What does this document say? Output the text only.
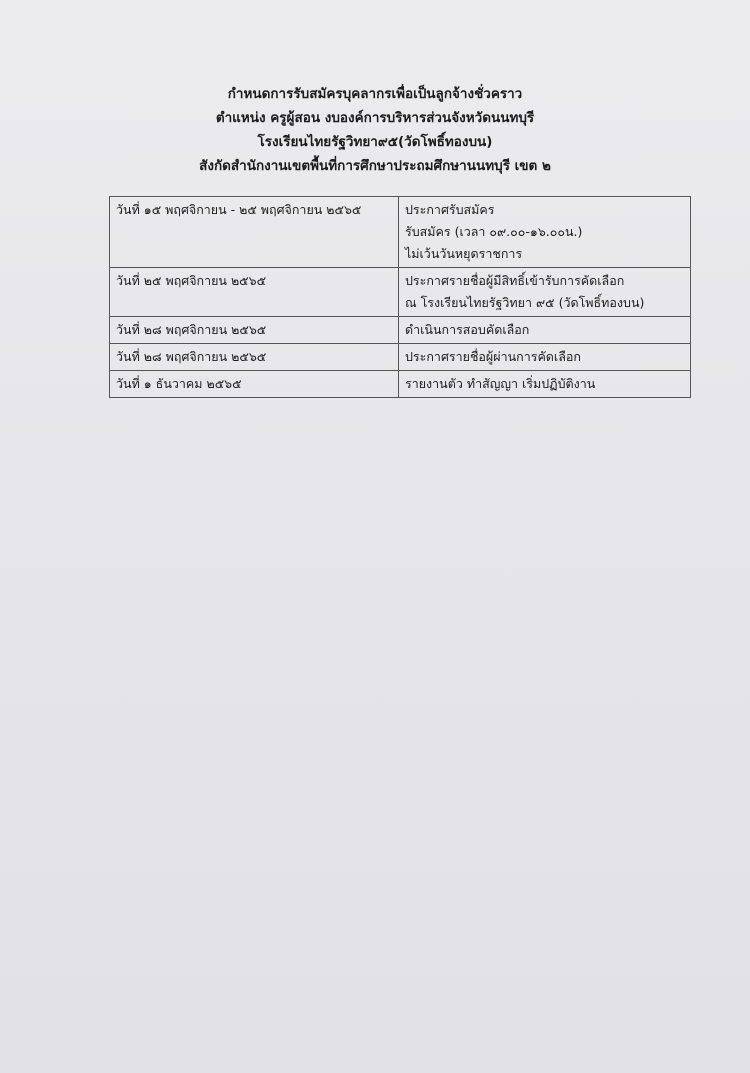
กำหนดการรับสมัครบุคลากรเพื่อเป็นลูกจ้างชั่วคราว
ตำแหน่ง ครูผู้สอน งบองค์การบริหารส่วนจังหวัดนนทบุรี
โรงเรียนไทยรัฐวิทยา๙๕(วัดโพธิ์ทองบน)
สังกัดสำนักงานเขตพื้นที่การศึกษาประถมศึกษานนทบุรี เขต ๒
วันที่ ๑๕ พฤศจิกายน - ๒๕ พฤศจิกายน ๒๕๖๕	ประกาศรับสมัคร
รับสมัคร (เวลา ๐๙.๐๐-๑๖.๐๐น.)
ไม่เว้นวันหยุดราชการ

วันที่ ๒๕ พฤศจิกายน ๒๕๖๕	ประกาศรายชื่อผู้มีสิทธิ์เข้ารับการคัดเลือก
ณ โรงเรียนไทยรัฐวิทยา ๙๕ (วัดโพธิ์ทองบน)

วันที่ ๒๘ พฤศจิกายน ๒๕๖๕	ดำเนินการสอบคัดเลือก

วันที่ ๒๘ พฤศจิกายน ๒๕๖๕	ประกาศรายชื่อผู้ผ่านการคัดเลือก

วันที่ ๑ ธันวาคม ๒๕๖๕	รายงานตัว ทำสัญญา เริ่มปฏิบัติงาน
